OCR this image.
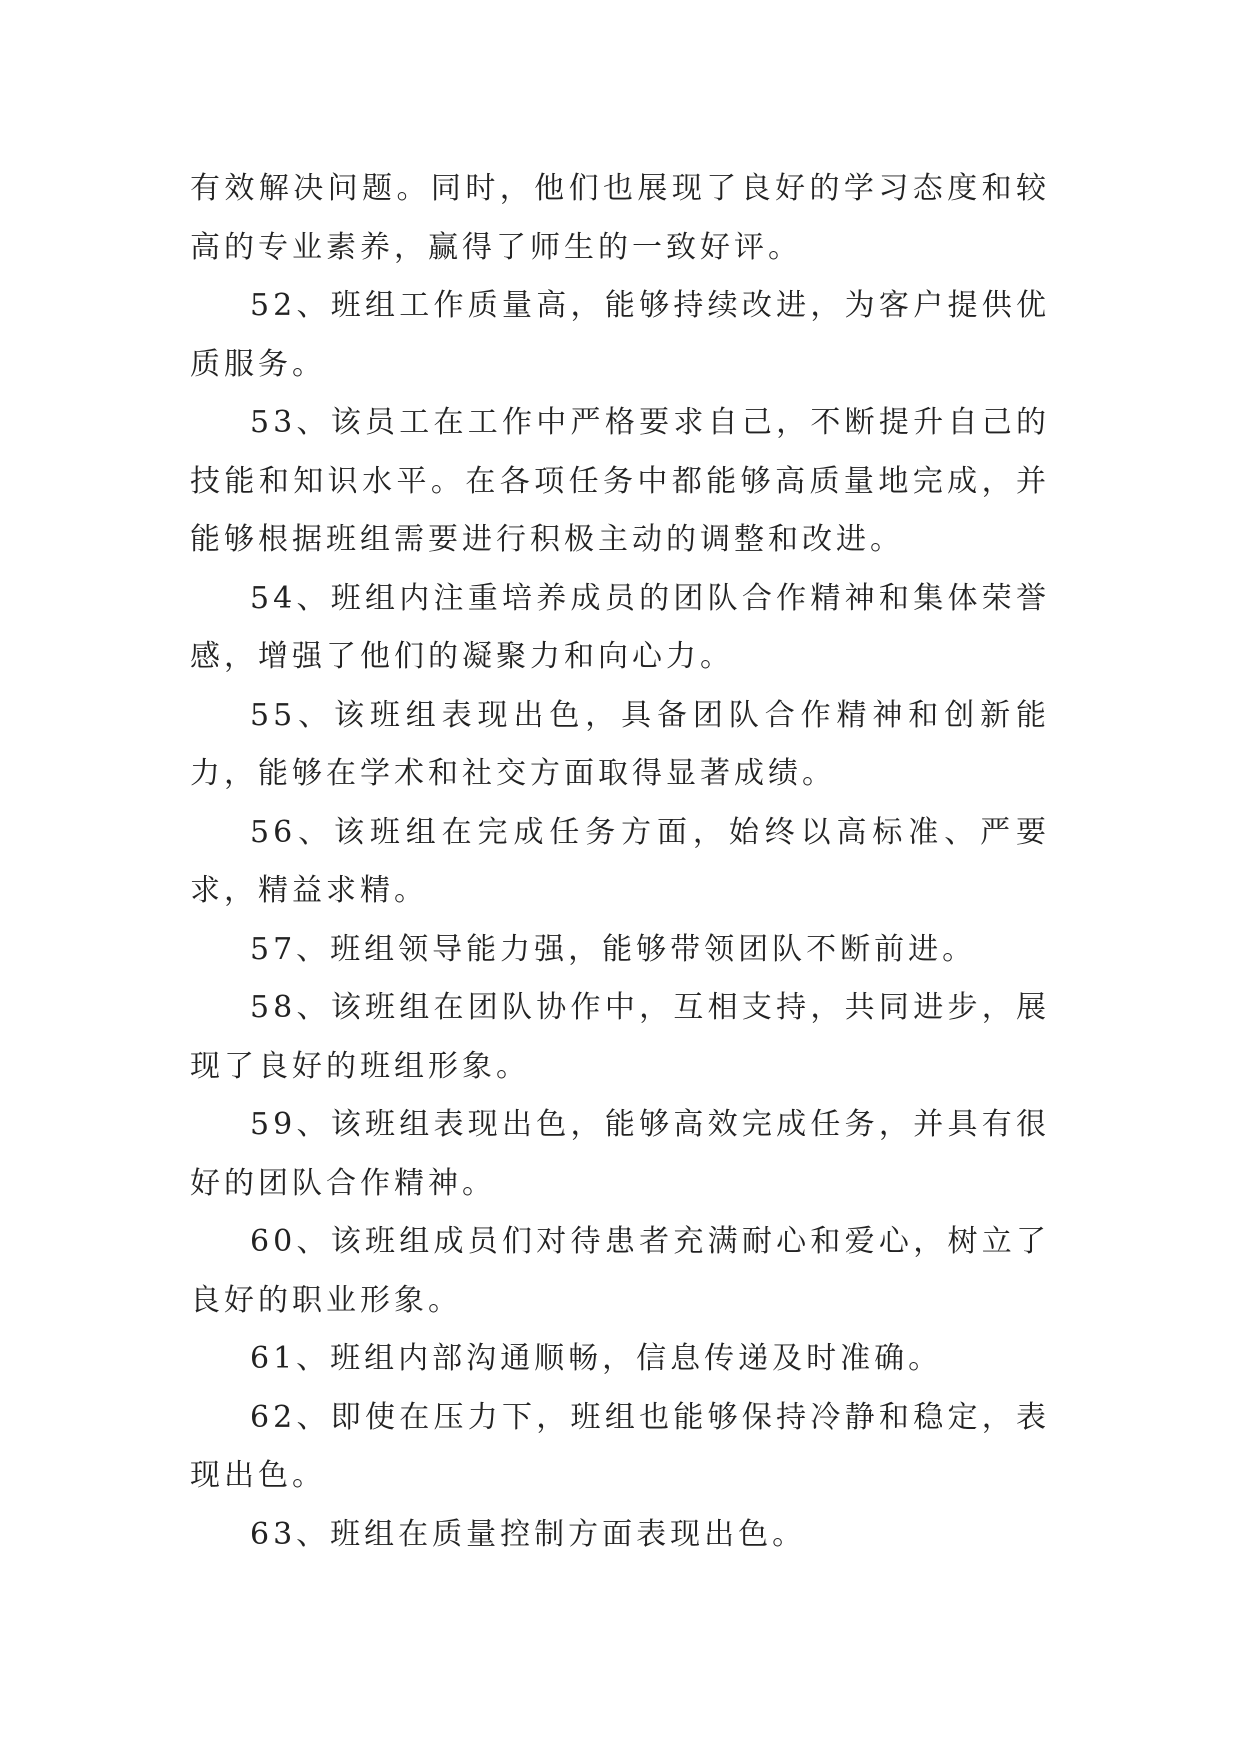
有效解决问题。同时，他们也展现了良好的学习态度和较高的专业素养，赢得了师生的一致好评。

52、班组工作质量高，能够持续改进，为客户提供优质服务。

53、该员工在工作中严格要求自己，不断提升自己的技能和知识水平。在各项任务中都能够高质量地完成，并能够根据班组需要进行积极主动的调整和改进。

54、班组内注重培养成员的团队合作精神和集体荣誉感，增强了他们的凝聚力和向心力。

55、该班组表现出色，具备团队合作精神和创新能力，能够在学术和社交方面取得显著成绩。

56、该班组在完成任务方面，始终以高标准、严要求，精益求精。

57、班组领导能力强，能够带领团队不断前进。

58、该班组在团队协作中，互相支持，共同进步，展现了良好的班组形象。

59、该班组表现出色，能够高效完成任务，并具有很好的团队合作精神。

60、该班组成员们对待患者充满耐心和爱心，树立了良好的职业形象。

61、班组内部沟通顺畅，信息传递及时准确。

62、即使在压力下，班组也能够保持冷静和稳定，表现出色。

63、班组在质量控制方面表现出色。
